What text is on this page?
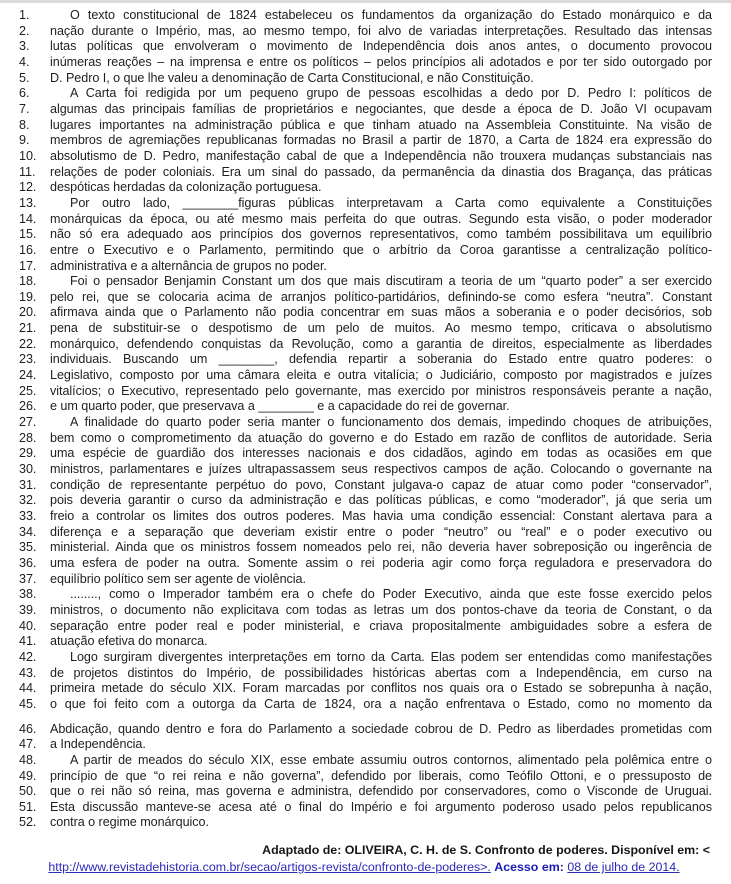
1.	O texto constitucional de 1824 estabeleceu os fundamentos da organização do Estado monárquico e da
2.	nação durante o Império, mas, ao mesmo tempo, foi alvo de variadas interpretações. Resultado das intensas
3.	lutas políticas que envolveram o movimento de Independência dois anos antes, o documento provocou
4.	inúmeras reações – na imprensa e entre os políticos – pelos princípios ali adotados e por ter sido outorgado por
5.	D. Pedro I, o que lhe valeu a denominação de Carta Constitucional, e não Constituição.
6.	A Carta foi redigida por um pequeno grupo de pessoas escolhidas a dedo por D. Pedro I: políticos de
7.	algumas das principais famílias de proprietários e negociantes, que desde a época de D. João VI ocupavam
8.	lugares importantes na administração pública e que tinham atuado na Assembleia Constituinte. Na visão de
9.	membros de agremiações republicanas formadas no Brasil a partir de 1870, a Carta de 1824 era expressão do
10.	absolutismo de D. Pedro, manifestação cabal de que a Independência não trouxera mudanças substanciais nas
11.	relações de poder coloniais. Era um sinal do passado, da permanência da dinastia dos Bragança, das práticas
12.	despóticas herdadas da colonização portuguesa.
13.	Por outro lado, ________figuras públicas interpretavam a Carta como equivalente a Constituições
14.	monárquicas da época, ou até mesmo mais perfeita do que outras. Segundo esta visão, o poder moderador
15.	não só era adequado aos princípios dos governos representativos, como também possibilitava um equilíbrio
16.	entre o Executivo e o Parlamento, permitindo que o arbítrio da Coroa garantisse a centralização político-
17.	administrativa e a alternância de grupos no poder.
18.	Foi o pensador Benjamin Constant um dos que mais discutiram a teoria de um “quarto poder” a ser exercido
19.	pelo rei, que se colocaria acima de arranjos político-partidários, definindo-se como esfera “neutra”. Constant
20.	afirmava ainda que o Parlamento não podia concentrar em suas mãos a soberania e o poder decisórios, sob
21.	pena de substituir-se o despotismo de um pelo de muitos. Ao mesmo tempo, criticava o absolutismo
22.	monárquico, defendendo conquistas da Revolução, como a garantia de direitos, especialmente as liberdades
23.	individuais. Buscando um ________, defendia repartir a soberania do Estado entre quatro poderes: o
24.	Legislativo, composto por uma câmara eleita e outra vitalícia; o Judiciário, composto por magistrados e juízes
25.	vitalícios; o Executivo, representado pelo governante, mas exercido por ministros responsáveis perante a nação,
26.	e um quarto poder, que preservava a ________ e a capacidade do rei de governar.
27.	A finalidade do quarto poder seria manter o funcionamento dos demais, impedindo choques de atribuições,
28.	bem como o comprometimento da atuação do governo e do Estado em razão de conflitos de autoridade. Seria
29.	uma espécie de guardião dos interesses nacionais e dos cidadãos, agindo em todas as ocasiões em que
30.	ministros, parlamentares e juízes ultrapassassem seus respectivos campos de ação. Colocando o governante na
31.	condição de representante perpétuo do povo, Constant julgava-o capaz de atuar como poder “conservador”,
32.	pois deveria garantir o curso da administração e das políticas públicas, e como “moderador”, já que seria um
33.	freio a controlar os limites dos outros poderes. Mas havia uma condição essencial: Constant alertava para a
34.	diferença e a separação que deveriam existir entre o poder “neutro” ou “real” e o poder executivo ou
35.	ministerial. Ainda que os ministros fossem nomeados pelo rei, não deveria haver sobreposição ou ingerência de
36.	uma esfera de poder na outra. Somente assim o rei poderia agir como força reguladora e preservadora do
37.	equilíbrio político sem ser agente de violência.
38.	........, como o Imperador também era o chefe do Poder Executivo, ainda que este fosse exercido pelos
39.	ministros, o documento não explicitava com todas as letras um dos pontos-chave da teoria de Constant, o da
40.	separação entre poder real e poder ministerial, e criava propositalmente ambiguidades sobre a esfera de
41.	atuação efetiva do monarca.
42.	Logo surgiram divergentes interpretações em torno da Carta. Elas podem ser entendidas como manifestações
43.	de projetos distintos do Império, de possibilidades históricas abertas com a Independência, em curso na
44.	primeira metade do século XIX. Foram marcadas por conflitos nos quais ora o Estado se sobrepunha à nação,
45.	o que foi feito com a outorga da Carta de 1824, ora a nação enfrentava o Estado, como no momento da
46.	Abdicação, quando dentro e fora do Parlamento a sociedade cobrou de D. Pedro as liberdades prometidas com
47.	a Independência.
48.	A partir de meados do século XIX, esse embate assumiu outros contornos, alimentado pela polêmica entre o
49.	princípio de que “o rei reina e não governa”, defendido por liberais, como Teófilo Ottoni, e o pressuposto de
50.	que o rei não só reina, mas governa e administra, defendido por conservadores, como o Visconde de Uruguai.
51.	Esta discussão manteve-se acesa até o final do Império e foi argumento poderoso usado pelos republicanos
52.	contra o regime monárquico.
Adaptado de: OLIVEIRA, C. H. de S. Confronto de poderes. Disponível em: <
http://www.revistadehistoria.com.br/secao/artigos-revista/confronto-de-poderes>. Acesso em: 08 de julho de 2014.
